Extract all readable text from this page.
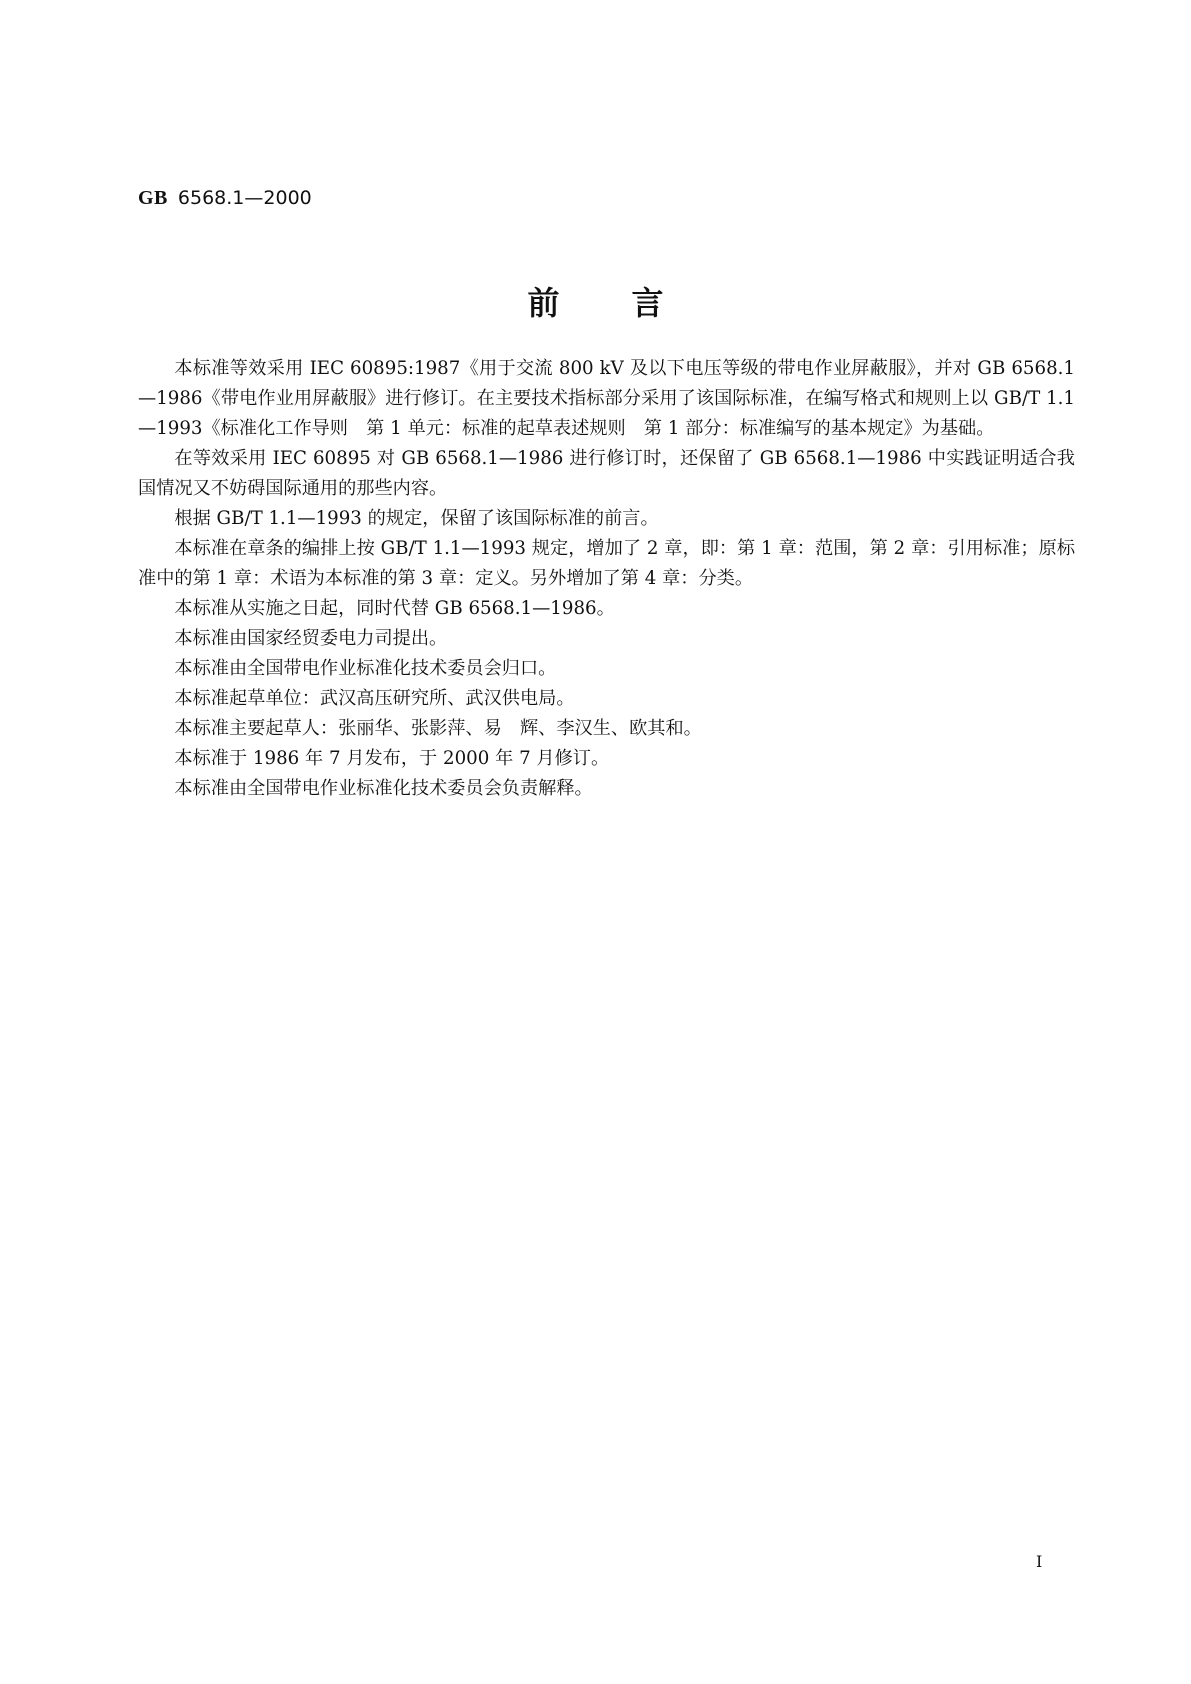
GB 6568.1—2000
前言

本标准等效采用 IEC 60895:1987《用于交流 800 kV 及以下电压等级的带电作业屏蔽服》，并对 GB 6568.1—1986《带电作业用屏蔽服》进行修订。在主要技术指标部分采用了该国际标准，在编写格式和规则上以 GB/T 1.1—1993《标准化工作导则　第 1 单元：标准的起草表述规则　第 1 部分：标准编写的基本规定》为基础。

在等效采用 IEC 60895 对 GB 6568.1—1986 进行修订时，还保留了 GB 6568.1—1986 中实践证明适合我国情况又不妨碍国际通用的那些内容。

根据 GB/T 1.1—1993 的规定，保留了该国际标准的前言。

本标准在章条的编排上按 GB/T 1.1—1993 规定，增加了 2 章，即：第 1 章：范围，第 2 章：引用标准；原标准中的第 1 章：术语为本标准的第 3 章：定义。另外增加了第 4 章：分类。

本标准从实施之日起，同时代替 GB 6568.1—1986。

本标准由国家经贸委电力司提出。

本标准由全国带电作业标准化技术委员会归口。

本标准起草单位：武汉高压研究所、武汉供电局。

本标准主要起草人：张丽华、张影萍、易　辉、李汉生、欧其和。

本标准于 1986 年 7 月发布，于 2000 年 7 月修订。

本标准由全国带电作业标准化技术委员会负责解释。

I
